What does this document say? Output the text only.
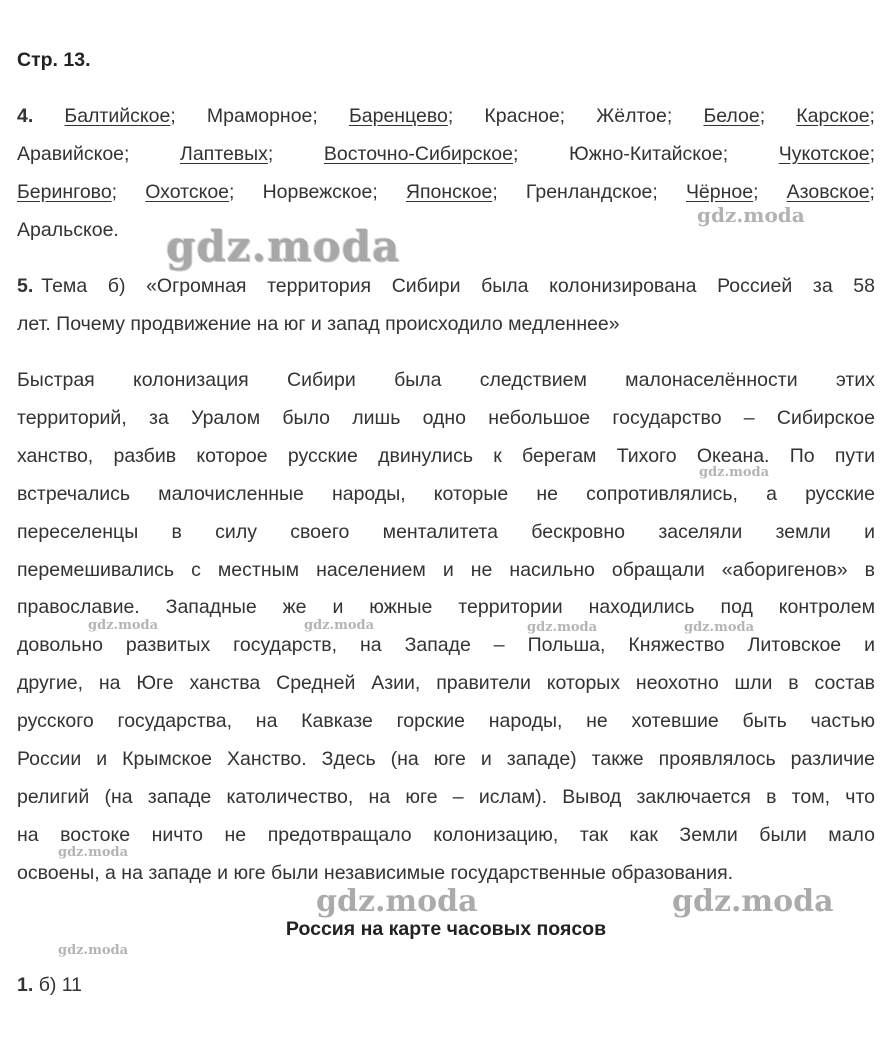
Стр. 13.
4. Балтийское; Мраморное; Баренцево; Красное; Жёлтое; Белое; Карское;
Аравийское;	Лаптевых;	Восточно-Сибирское;	Южно-Китайское;	Чукотское;
Берингово; Охотское; Норвежское; Японское; Гренландское; Чёрное; Азовское;
Аральское.
5. Тема б) «Огромная территория Сибири была колонизирована Россией за 58
лет. Почему продвижение на юг и запад происходило медленнее»
Быстрая колонизация Сибири была следствием малонаселённости этих
территорий, за Уралом было лишь одно небольшое государство – Сибирское
ханство, разбив которое русские двинулись к берегам Тихого Океана. По пути
встречались малочисленные народы, которые не сопротивлялись, а русские
переселенцы в силу своего менталитета бескровно заселяли земли и
перемешивались с местным населением и не насильно обращали «аборигенов» в
православие. Западные же и южные территории находились под контролем
довольно развитых государств, на Западе – Польша, Княжество Литовское и
другие, на Юге ханства Средней Азии, правители которых неохотно шли в состав
русского государства, на Кавказе горские народы, не хотевшие быть частью
России и Крымское Ханство. Здесь (на юге и западе) также проявлялось различие
религий (на западе католичество, на юге – ислам). Вывод заключается в том, что
на востоке ничто не предотвращало колонизацию, так как Земли были мало
освоены, а на западе и юге были независимые государственные образования.
Россия на карте часовых поясов
1. б) 11
gdz.moda
gdz.moda
gdz.moda
gdz.moda	gdz.moda	gdz.moda	gdz.moda
gdz.moda
gdz.moda	gdz.moda
gdz.moda
